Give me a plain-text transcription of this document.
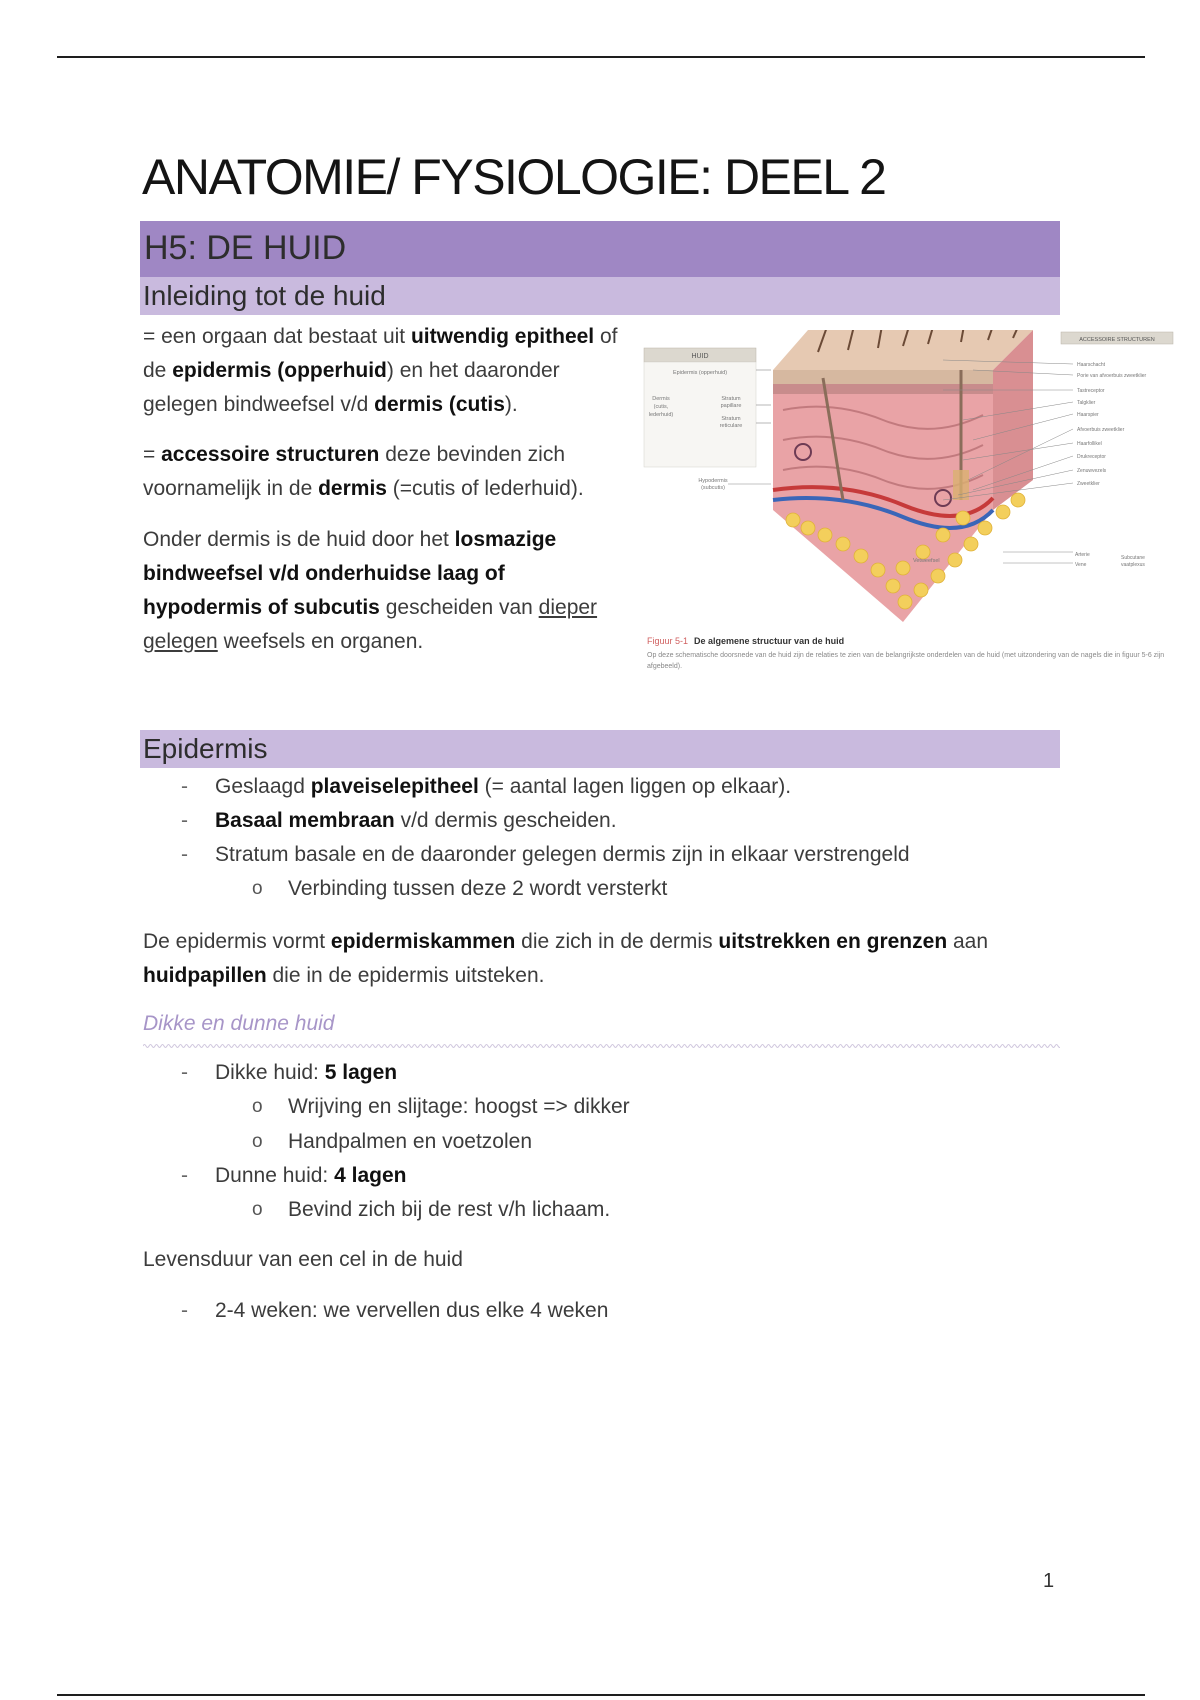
ANATOMIE/ FYSIOLOGIE: DEEL 2
H5: DE HUID
Inleiding tot de huid
= een orgaan dat bestaat uit uitwendig epitheel of de epidermis (opperhuid) en het daaronder gelegen bindweefsel v/d dermis (cutis).
= accessoire structuren deze bevinden zich voornamelijk in de dermis (=cutis of lederhuid).
Onder dermis is de huid door het losmazige bindweefsel v/d onderhuidse laag of hypodermis of subcutis gescheiden van dieper gelegen weefsels en organen.
HUID
Epidermis (opperhuid)
Dermis
(cutis,
lederhuid)
Stratum
papillare
Stratum
reticulare
Hypodermis
(subcutis)
Vetweefsel
ACCESSOIRE STRUCTUREN
Haarschacht
Porie van afvoerbuis zweetklier
Tastreceptor
Talgklier
Haarspier
Afvoerbuis zweetklier
Haarfollikel
Drukreceptor
Zenuwvezels
Zweetklier
Arterie
Vene
Subcutane
vaatplexus
Figuur 5-1 De algemene structuur van de huid
Op deze schematische doorsnede van de huid zijn de relaties te zien van de belangrijkste onderdelen van de huid (met uitzondering van de nagels die in figuur 5-6 zijn afgebeeld).
Epidermis
- Geslaagd plaveiselepitheel (= aantal lagen liggen op elkaar).
- Basaal membraan v/d dermis gescheiden.
- Stratum basale en de daaronder gelegen dermis zijn in elkaar verstrengeld
o Verbinding tussen deze 2 wordt versterkt
De epidermis vormt epidermiskammen die zich in de dermis uitstrekken en grenzen aan huidpapillen die in de epidermis uitsteken.
Dikke en dunne huid
- Dikke huid: 5 lagen
o Wrijving en slijtage: hoogst => dikker
o Handpalmen en voetzolen
- Dunne huid: 4 lagen
o Bevind zich bij de rest v/h lichaam.
Levensduur van een cel in de huid
- 2-4 weken: we vervellen dus elke 4 weken
1
